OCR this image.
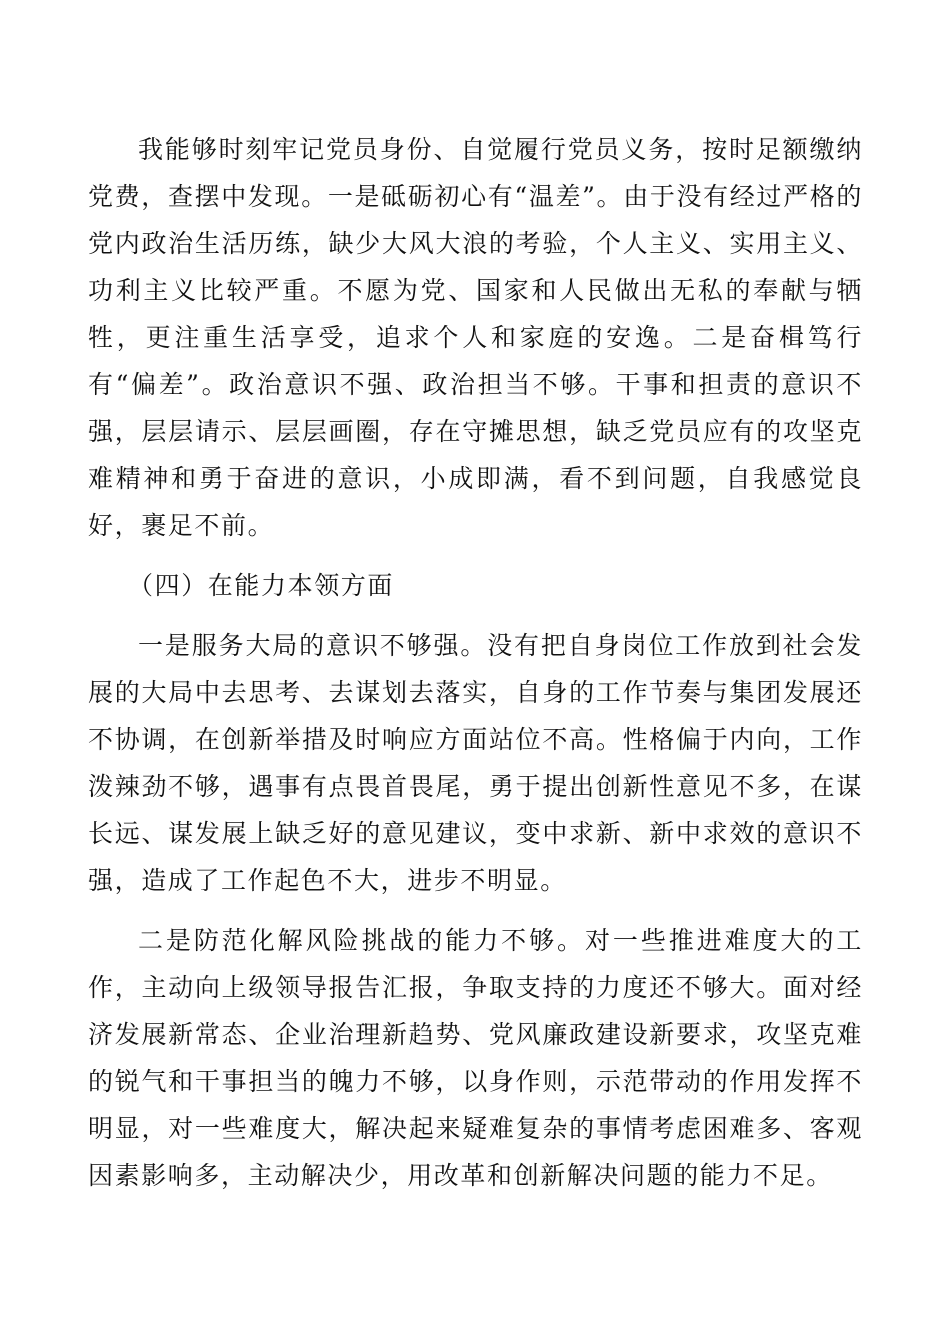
我能够时刻牢记党员身份、自觉履行党员义务，按时足额缴纳党费，查摆中发现。一是砥砺初心有“温差”。由于没有经过严格的党内政治生活历练，缺少大风大浪的考验，个人主义、实用主义、功利主义比较严重。不愿为党、国家和人民做出无私的奉献与牺牲，更注重生活享受，追求个人和家庭的安逸。二是奋楫笃行有“偏差”。政治意识不强、政治担当不够。干事和担责的意识不强，层层请示、层层画圈，存在守摊思想，缺乏党员应有的攻坚克难精神和勇于奋进的意识，小成即满，看不到问题，自我感觉良好，裹足不前。

（四）在能力本领方面

一是服务大局的意识不够强。没有把自身岗位工作放到社会发展的大局中去思考、去谋划去落实，自身的工作节奏与集团发展还不协调，在创新举措及时响应方面站位不高。性格偏于内向，工作泼辣劲不够，遇事有点畏首畏尾，勇于提出创新性意见不多，在谋长远、谋发展上缺乏好的意见建议，变中求新、新中求效的意识不强，造成了工作起色不大，进步不明显。

二是防范化解风险挑战的能力不够。对一些推进难度大的工作，主动向上级领导报告汇报，争取支持的力度还不够大。面对经济发展新常态、企业治理新趋势、党风廉政建设新要求，攻坚克难的锐气和干事担当的魄力不够，以身作则，示范带动的作用发挥不明显，对一些难度大，解决起来疑难复杂的事情考虑困难多、客观因素影响多，主动解决少，用改革和创新解决问题的能力不足。
